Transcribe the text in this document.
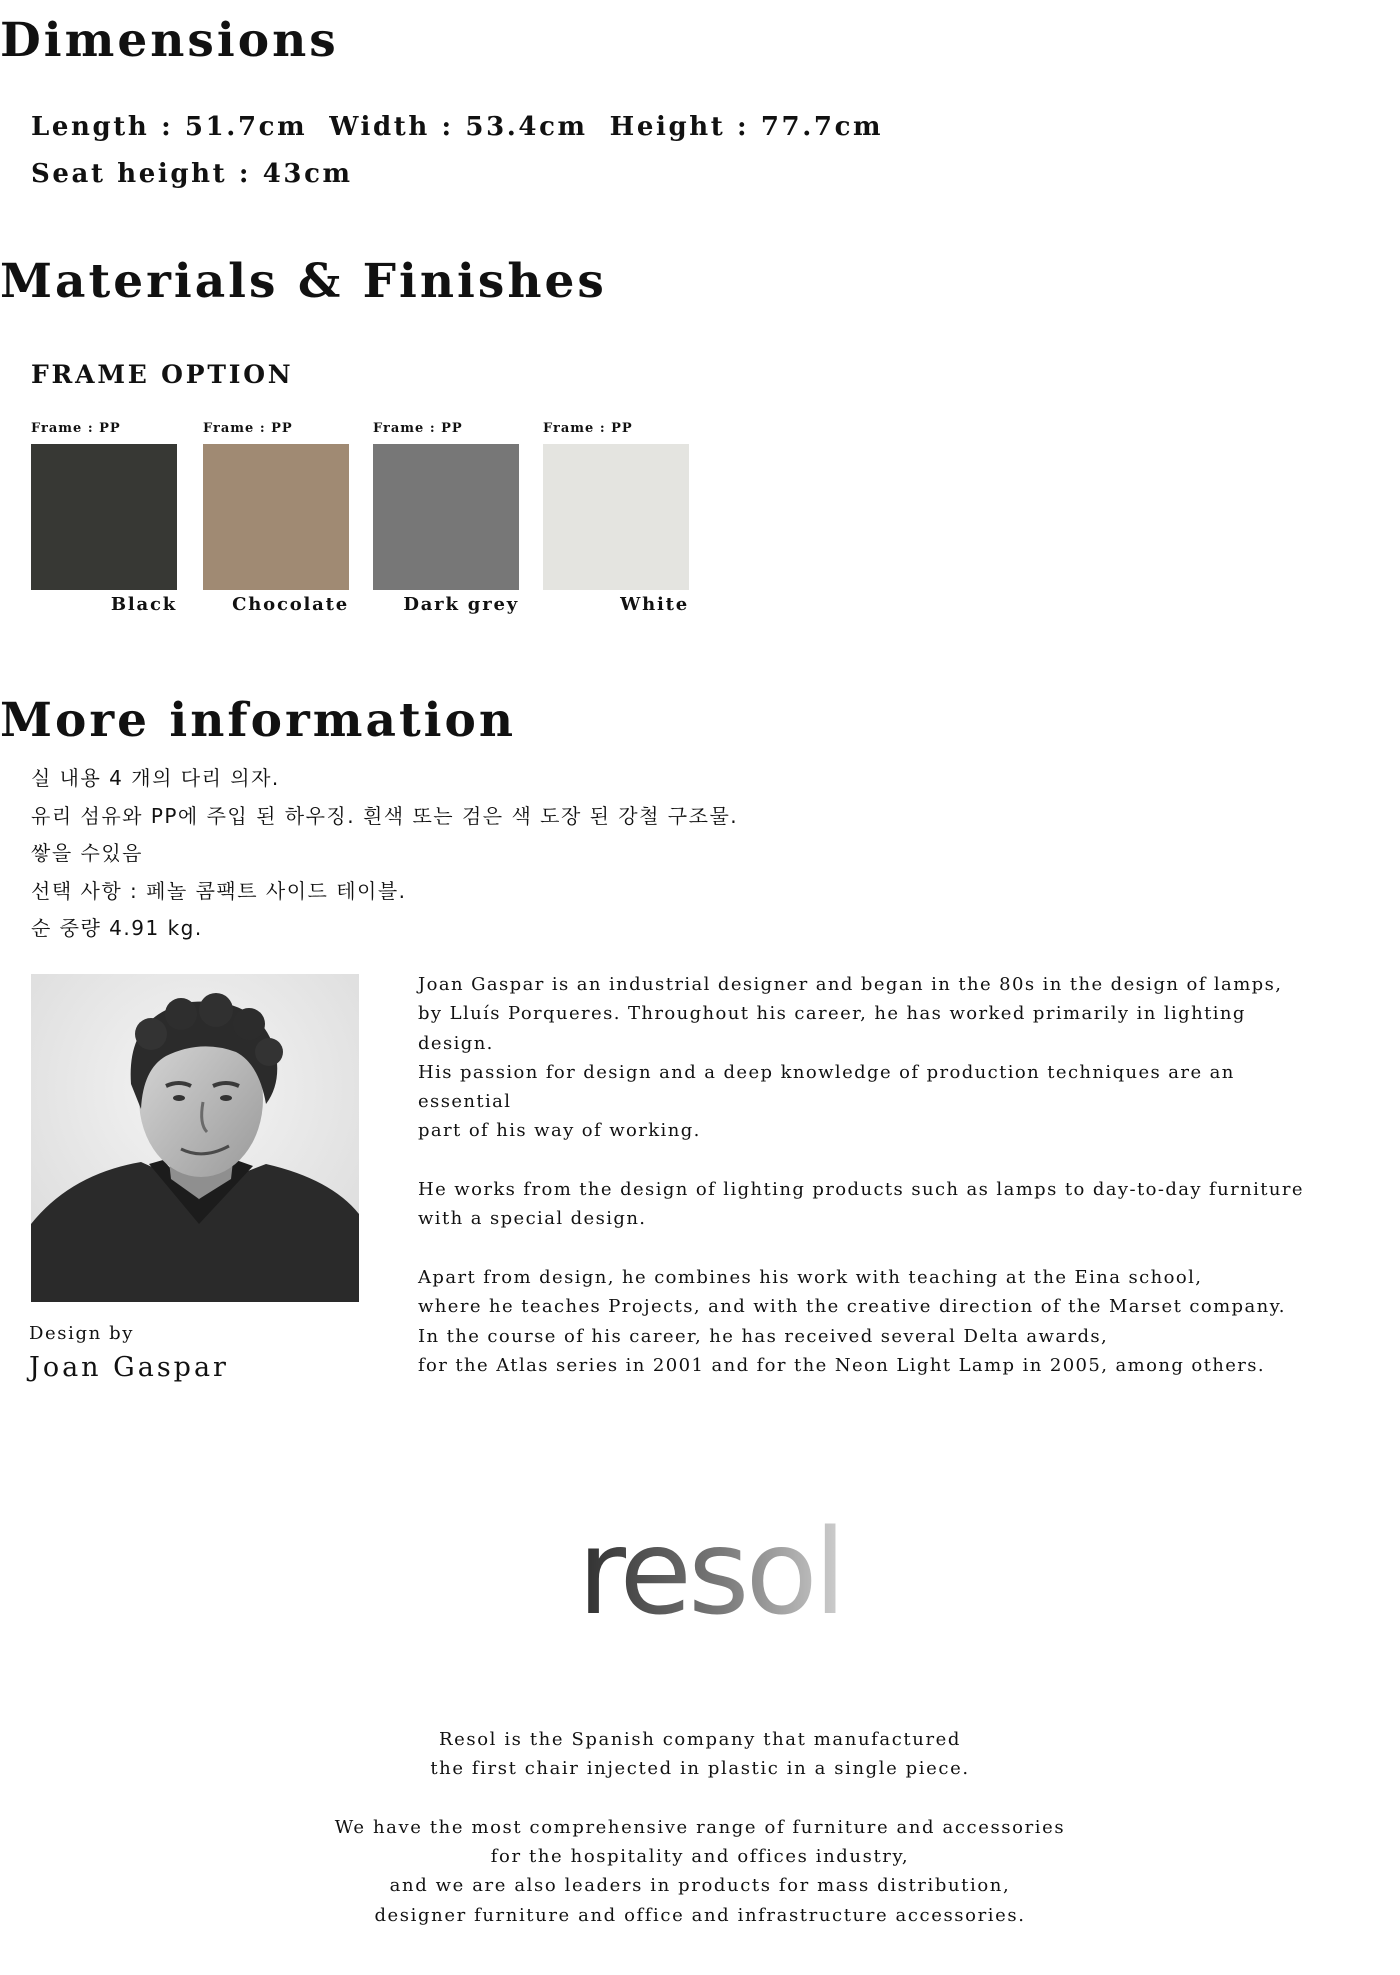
Dimensions
Length : 51.7cm Width : 53.4cm Height : 77.7cm
Seat height : 43cm
Materials & Finishes
FRAME OPTION
Frame : PP
Black
Frame : PP
Chocolate
Frame : PP
Dark grey
Frame : PP
White
More information
실 내용 4 개의 다리 의자.
유리 섬유와 PP에 주입 된 하우징. 흰색 또는 검은 색 도장 된 강철 구조물.
쌓을 수있음
선택 사항 : 페놀 콤팩트 사이드 테이블.
순 중량 4.91 kg.
Design by
Joan Gaspar

Joan Gaspar is an industrial designer and began in the 80s in the design of lamps,
by Lluís Porqueres. Throughout his career, he has worked primarily in lighting design.
His passion for design and a deep knowledge of production techniques are an essential
part of his way of working.

He works from the design of lighting products such as lamps to day-to-day furniture
with a special design.

Apart from design, he combines his work with teaching at the Eina school,
where he teaches Projects, and with the creative direction of the Marset company.
In the course of his career, he has received several Delta awards,
for the Atlas series in 2001 and for the Neon Light Lamp in 2005, among others.

resol

Resol is the Spanish company that manufactured
the first chair injected in plastic in a single piece.

We have the most comprehensive range of furniture and accessories
for the hospitality and offices industry,
and we are also leaders in products for mass distribution,
designer furniture and office and infrastructure accessories.
